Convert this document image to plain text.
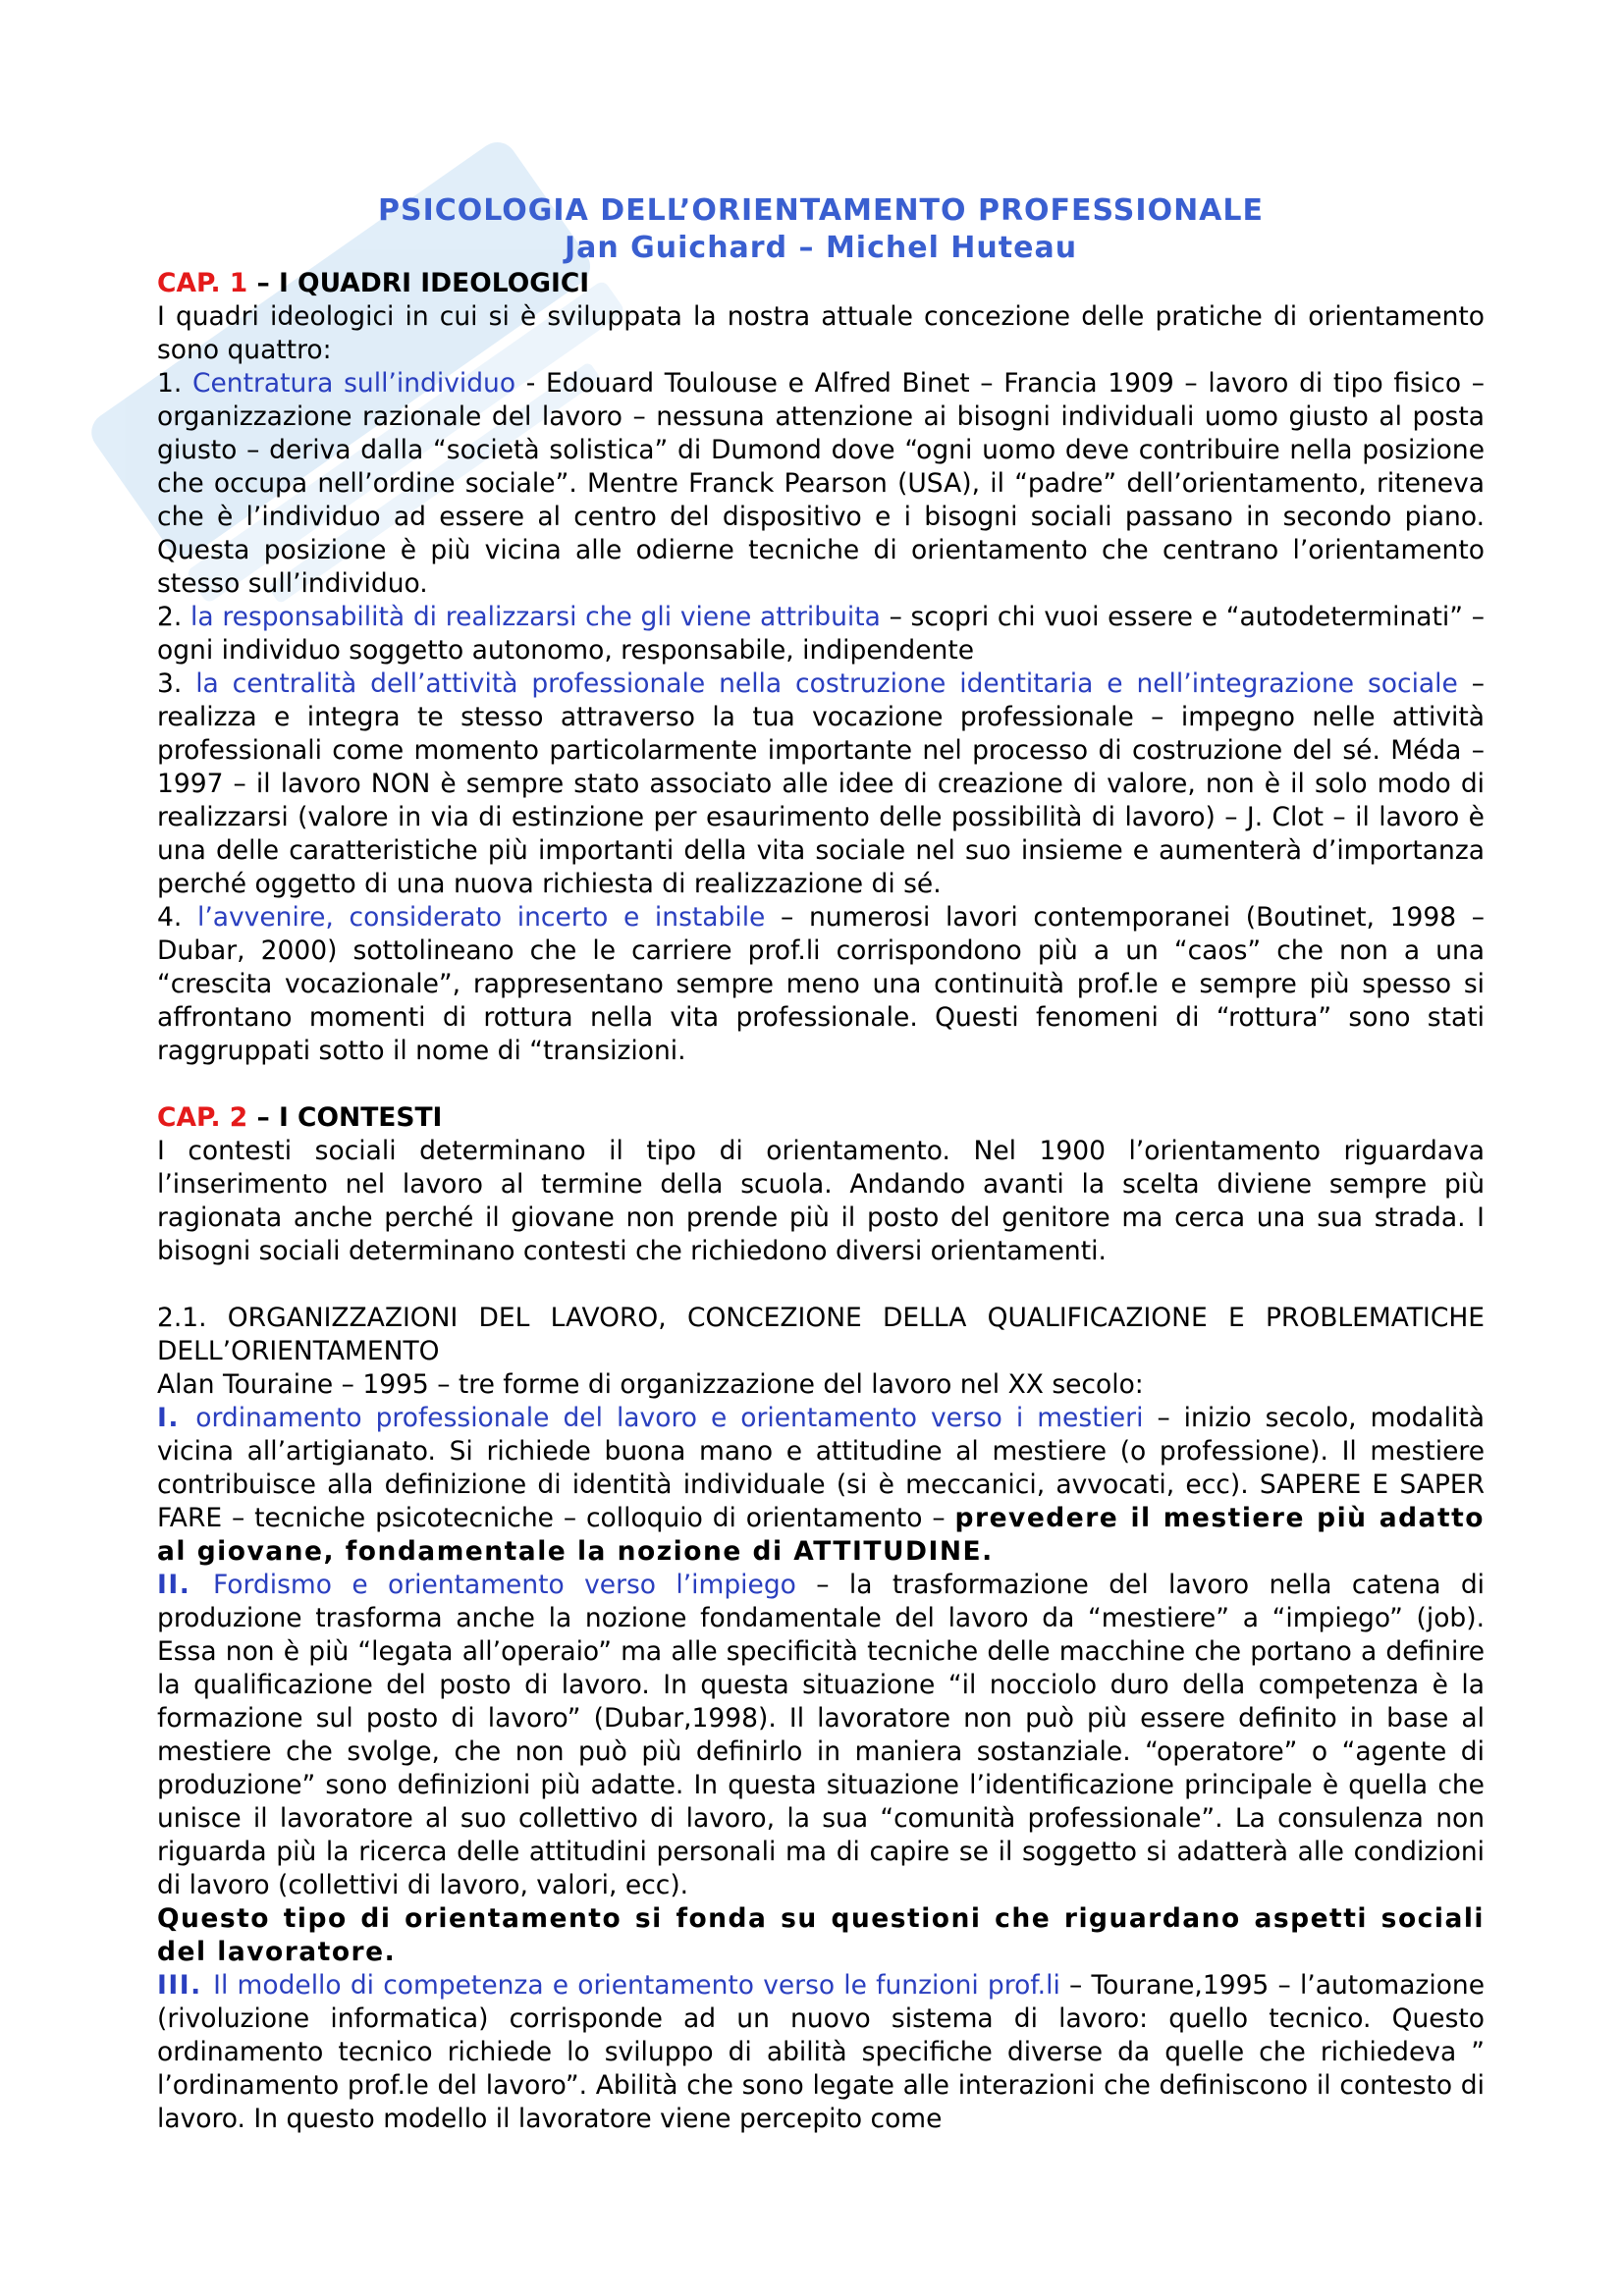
PSICOLOGIA DELL’ORIENTAMENTO PROFESSIONALE
Jan Guichard – Michel Huteau
CAP. 1 – I QUADRI IDEOLOGICI

I quadri ideologici in cui si è sviluppata la nostra attuale concezione delle pratiche di orientamento sono quattro:

1. Centratura sull’individuo - Edouard Toulouse e Alfred Binet – Francia 1909 – lavoro di tipo fisico – organizzazione razionale del lavoro – nessuna attenzione ai bisogni individuali uomo giusto al posta giusto – deriva dalla “società solistica” di Dumond dove “ogni uomo deve contribuire nella posizione che occupa nell’ordine sociale”. Mentre Franck Pearson (USA), il “padre” dell’orientamento, riteneva che è l’individuo ad essere al centro del dispositivo e i bisogni sociali passano in secondo piano. Questa posizione è più vicina alle odierne tecniche di orientamento che centrano l’orientamento stesso sull’individuo.

2. la responsabilità di realizzarsi che gli viene attribuita – scopri chi vuoi essere e “autodeterminati” – ogni individuo soggetto autonomo, responsabile, indipendente

3. la centralità dell’attività professionale nella costruzione identitaria e nell’integrazione sociale – realizza e integra te stesso attraverso la tua vocazione professionale – impegno nelle attività professionali come momento particolarmente importante nel processo di costruzione del sé. Méda – 1997 – il lavoro NON è sempre stato associato alle idee di creazione di valore, non è il solo modo di realizzarsi (valore in via di estinzione per esaurimento delle possibilità di lavoro) – J. Clot – il lavoro è una delle caratteristiche più importanti della vita sociale nel suo insieme e aumenterà d’importanza perché oggetto di una nuova richiesta di realizzazione di sé.

4. l’avvenire, considerato incerto e instabile – numerosi lavori contemporanei (Boutinet, 1998 – Dubar, 2000) sottolineano che le carriere prof.li corrispondono più a un “caos” che non a una “crescita vocazionale”, rappresentano sempre meno una continuità prof.le e sempre più spesso si affrontano momenti di rottura nella vita professionale. Questi fenomeni di “rottura” sono stati raggruppati sotto il nome di “transizioni.

CAP. 2 – I CONTESTI

I contesti sociali determinano il tipo di orientamento. Nel 1900 l’orientamento riguardava l’inserimento nel lavoro al termine della scuola. Andando avanti la scelta diviene sempre più ragionata anche perché il giovane non prende più il posto del genitore ma cerca una sua strada. I bisogni sociali determinano contesti che richiedono diversi orientamenti.

2.1. ORGANIZZAZIONI DEL LAVORO, CONCEZIONE DELLA QUALIFICAZIONE E PROBLEMATICHE DELL’ORIENTAMENTO

Alan Touraine – 1995 – tre forme di organizzazione del lavoro nel XX secolo:

I. ordinamento professionale del lavoro e orientamento verso i mestieri – inizio secolo, modalità vicina all’artigianato. Si richiede buona mano e attitudine al mestiere (o professione). Il mestiere contribuisce alla definizione di identità individuale (si è meccanici, avvocati, ecc). SAPERE E SAPER FARE – tecniche psicotecniche – colloquio di orientamento – prevedere il mestiere più adatto al giovane, fondamentale la nozione di ATTITUDINE.

II. Fordismo e orientamento verso l’impiego – la trasformazione del lavoro nella catena di produzione trasforma anche la nozione fondamentale del lavoro da “mestiere” a “impiego” (job). Essa non è più “legata all’operaio” ma alle specificità tecniche delle macchine che portano a definire la qualificazione del posto di lavoro. In questa situazione “il nocciolo duro della competenza è la formazione sul posto di lavoro” (Dubar,1998). Il lavoratore non può più essere definito in base al mestiere che svolge, che non può più definirlo in maniera sostanziale. “operatore” o “agente di produzione” sono definizioni più adatte. In questa situazione l’identificazione principale è quella che unisce il lavoratore al suo collettivo di lavoro, la sua “comunità professionale”. La consulenza non riguarda più la ricerca delle attitudini personali ma di capire se il soggetto si adatterà alle condizioni di lavoro (collettivi di lavoro, valori, ecc).

Questo tipo di orientamento si fonda su questioni che riguardano aspetti sociali del lavoratore.

III. Il modello di competenza e orientamento verso le funzioni prof.li – Tourane,1995 – l’automazione (rivoluzione informatica) corrisponde ad un nuovo sistema di lavoro: quello tecnico. Questo ordinamento tecnico richiede lo sviluppo di abilità specifiche diverse da quelle che richiedeva ” l’ordinamento prof.le del lavoro”. Abilità che sono legate alle interazioni che definiscono il contesto di lavoro. In questo modello il lavoratore viene percepito come
